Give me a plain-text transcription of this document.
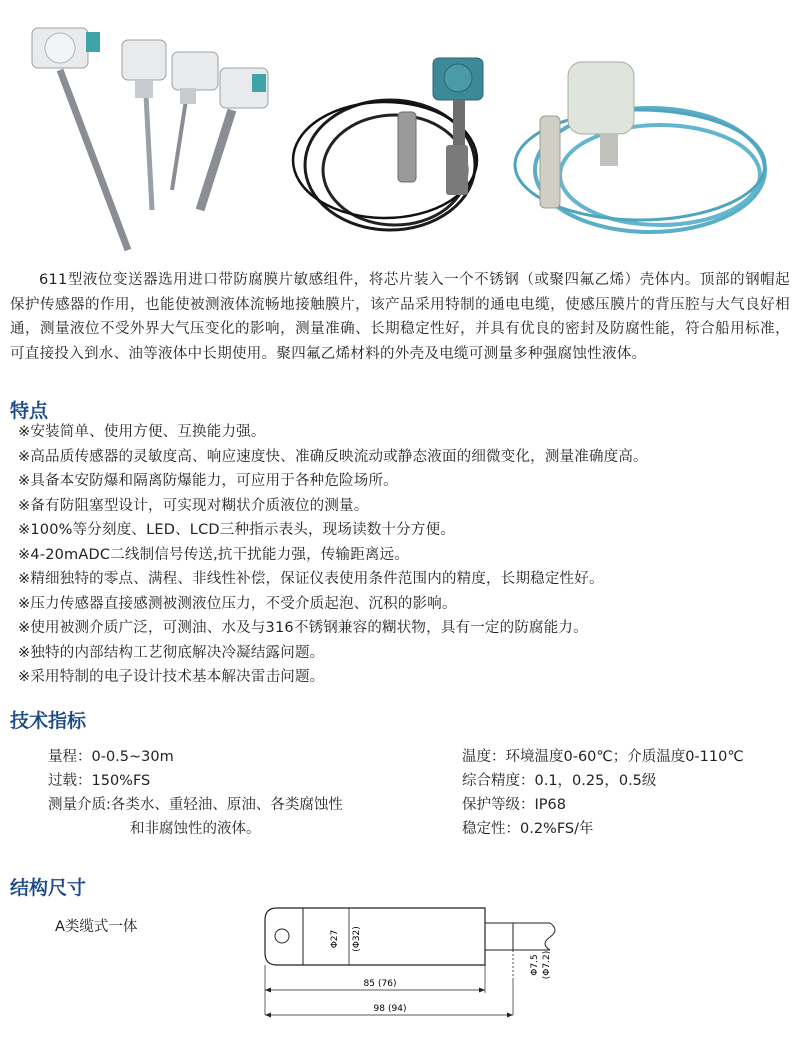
611型液位变送器选用进口带防腐膜片敏感组件，将芯片装入一个不锈钢（或聚四氟乙烯）壳体内。顶部的钢帽起保护传感器的作用，也能使被测液体流畅地接触膜片，该产品采用特制的通电电缆，使感压膜片的背压腔与大气良好相通，测量液位不受外界大气压变化的影响，测量准确、长期稳定性好，并具有优良的密封及防腐性能，符合船用标准，可直接投入到水、油等液体中长期使用。聚四氟乙烯材料的外壳及电缆可测量多种强腐蚀性液体。

特点
※安装简单、使用方便、互换能力强。
※高品质传感器的灵敏度高、响应速度快、准确反映流动或静态液面的细微变化，测量准确度高。
※具备本安防爆和隔离防爆能力，可应用于各种危险场所。
※备有防阻塞型设计，可实现对糊状介质液位的测量。
※100%等分刻度、LED、LCD三种指示表头，现场读数十分方便。
※4-20mADC二线制信号传送,抗干扰能力强，传输距离远。
※精细独特的零点、满程、非线性补偿，保证仪表使用条件范围内的精度，长期稳定性好。
※压力传感器直接感测被测液位压力，不受介质起泡、沉积的影响。
※使用被测介质广泛，可测油、水及与316不锈钢兼容的糊状物，具有一定的防腐能力。
※独特的内部结构工艺彻底解决冷凝结露问题。
※采用特制的电子设计技术基本解决雷击问题。
技术指标
量程：0-0.5~30m
过载：150%FS
测量介质:各类水、重轻油、原油、各类腐蚀性
和非腐蚀性的液体。
温度：环境温度0-60℃；介质温度0-110℃
综合精度：0.1，0.25，0.5级
保护等级：IP68
稳定性：0.2%FS/年
结构尺寸
A类缆式一体
Φ27 (Φ32)
Φ7.5 (Φ7.2)
85 (76)
98 (94)
